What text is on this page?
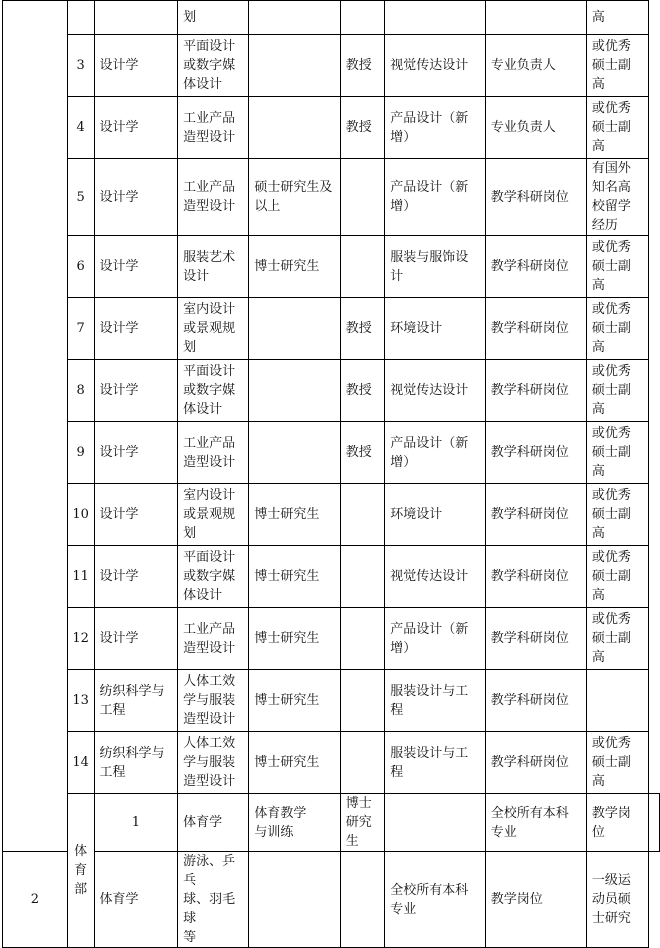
			划					高	
	3	设计学	平面设计
或数字媒
体设计		教授	视觉传达设计	专业负责人	或优秀
硕士副
高	
	4	设计学	工业产品
造型设计		教授	产品设计（新
增）	专业负责人	或优秀
硕士副
高	
	5	设计学	工业产品
造型设计	硕士研究生及
以上		产品设计（新
增）	教学科研岗位	有国外
知名高
校留学
经历	
	6	设计学	服装艺术
设计	博士研究生		服装与服饰设
计	教学科研岗位	或优秀
硕士副
高	
	7	设计学	室内设计
或景观规
划		教授	环境设计	教学科研岗位	或优秀
硕士副
高	
	8	设计学	平面设计
或数字媒
体设计		教授	视觉传达设计	教学科研岗位	或优秀
硕士副
高	
	9	设计学	工业产品
造型设计		教授	产品设计（新
增）	教学科研岗位	或优秀
硕士副
高	
	10	设计学	室内设计
或景观规
划	博士研究生		环境设计	教学科研岗位	或优秀
硕士副
高	
	11	设计学	平面设计
或数字媒
体设计	博士研究生		视觉传达设计	教学科研岗位	或优秀
硕士副
高	
	12	设计学	工业产品
造型设计	博士研究生		产品设计（新
增）	教学科研岗位	或优秀
硕士副
高	
	13	纺织科学与
工程	人体工效
学与服装
造型设计	博士研究生		服装设计与工
程	教学科研岗位		
	14	纺织科学与
工程	人体工效
学与服装
造型设计	博士研究生		服装设计与工
程	教学科研岗位	或优秀
硕士副
高	
	体育部	1	体育学	体育教学
与训练	博士研究生		全校所有本科
专业	教学岗位	
2		体育学	游泳、乒乓
球、羽毛球
等			全校所有本科
专业	教学岗位	一级运
动员硕
士研究	
